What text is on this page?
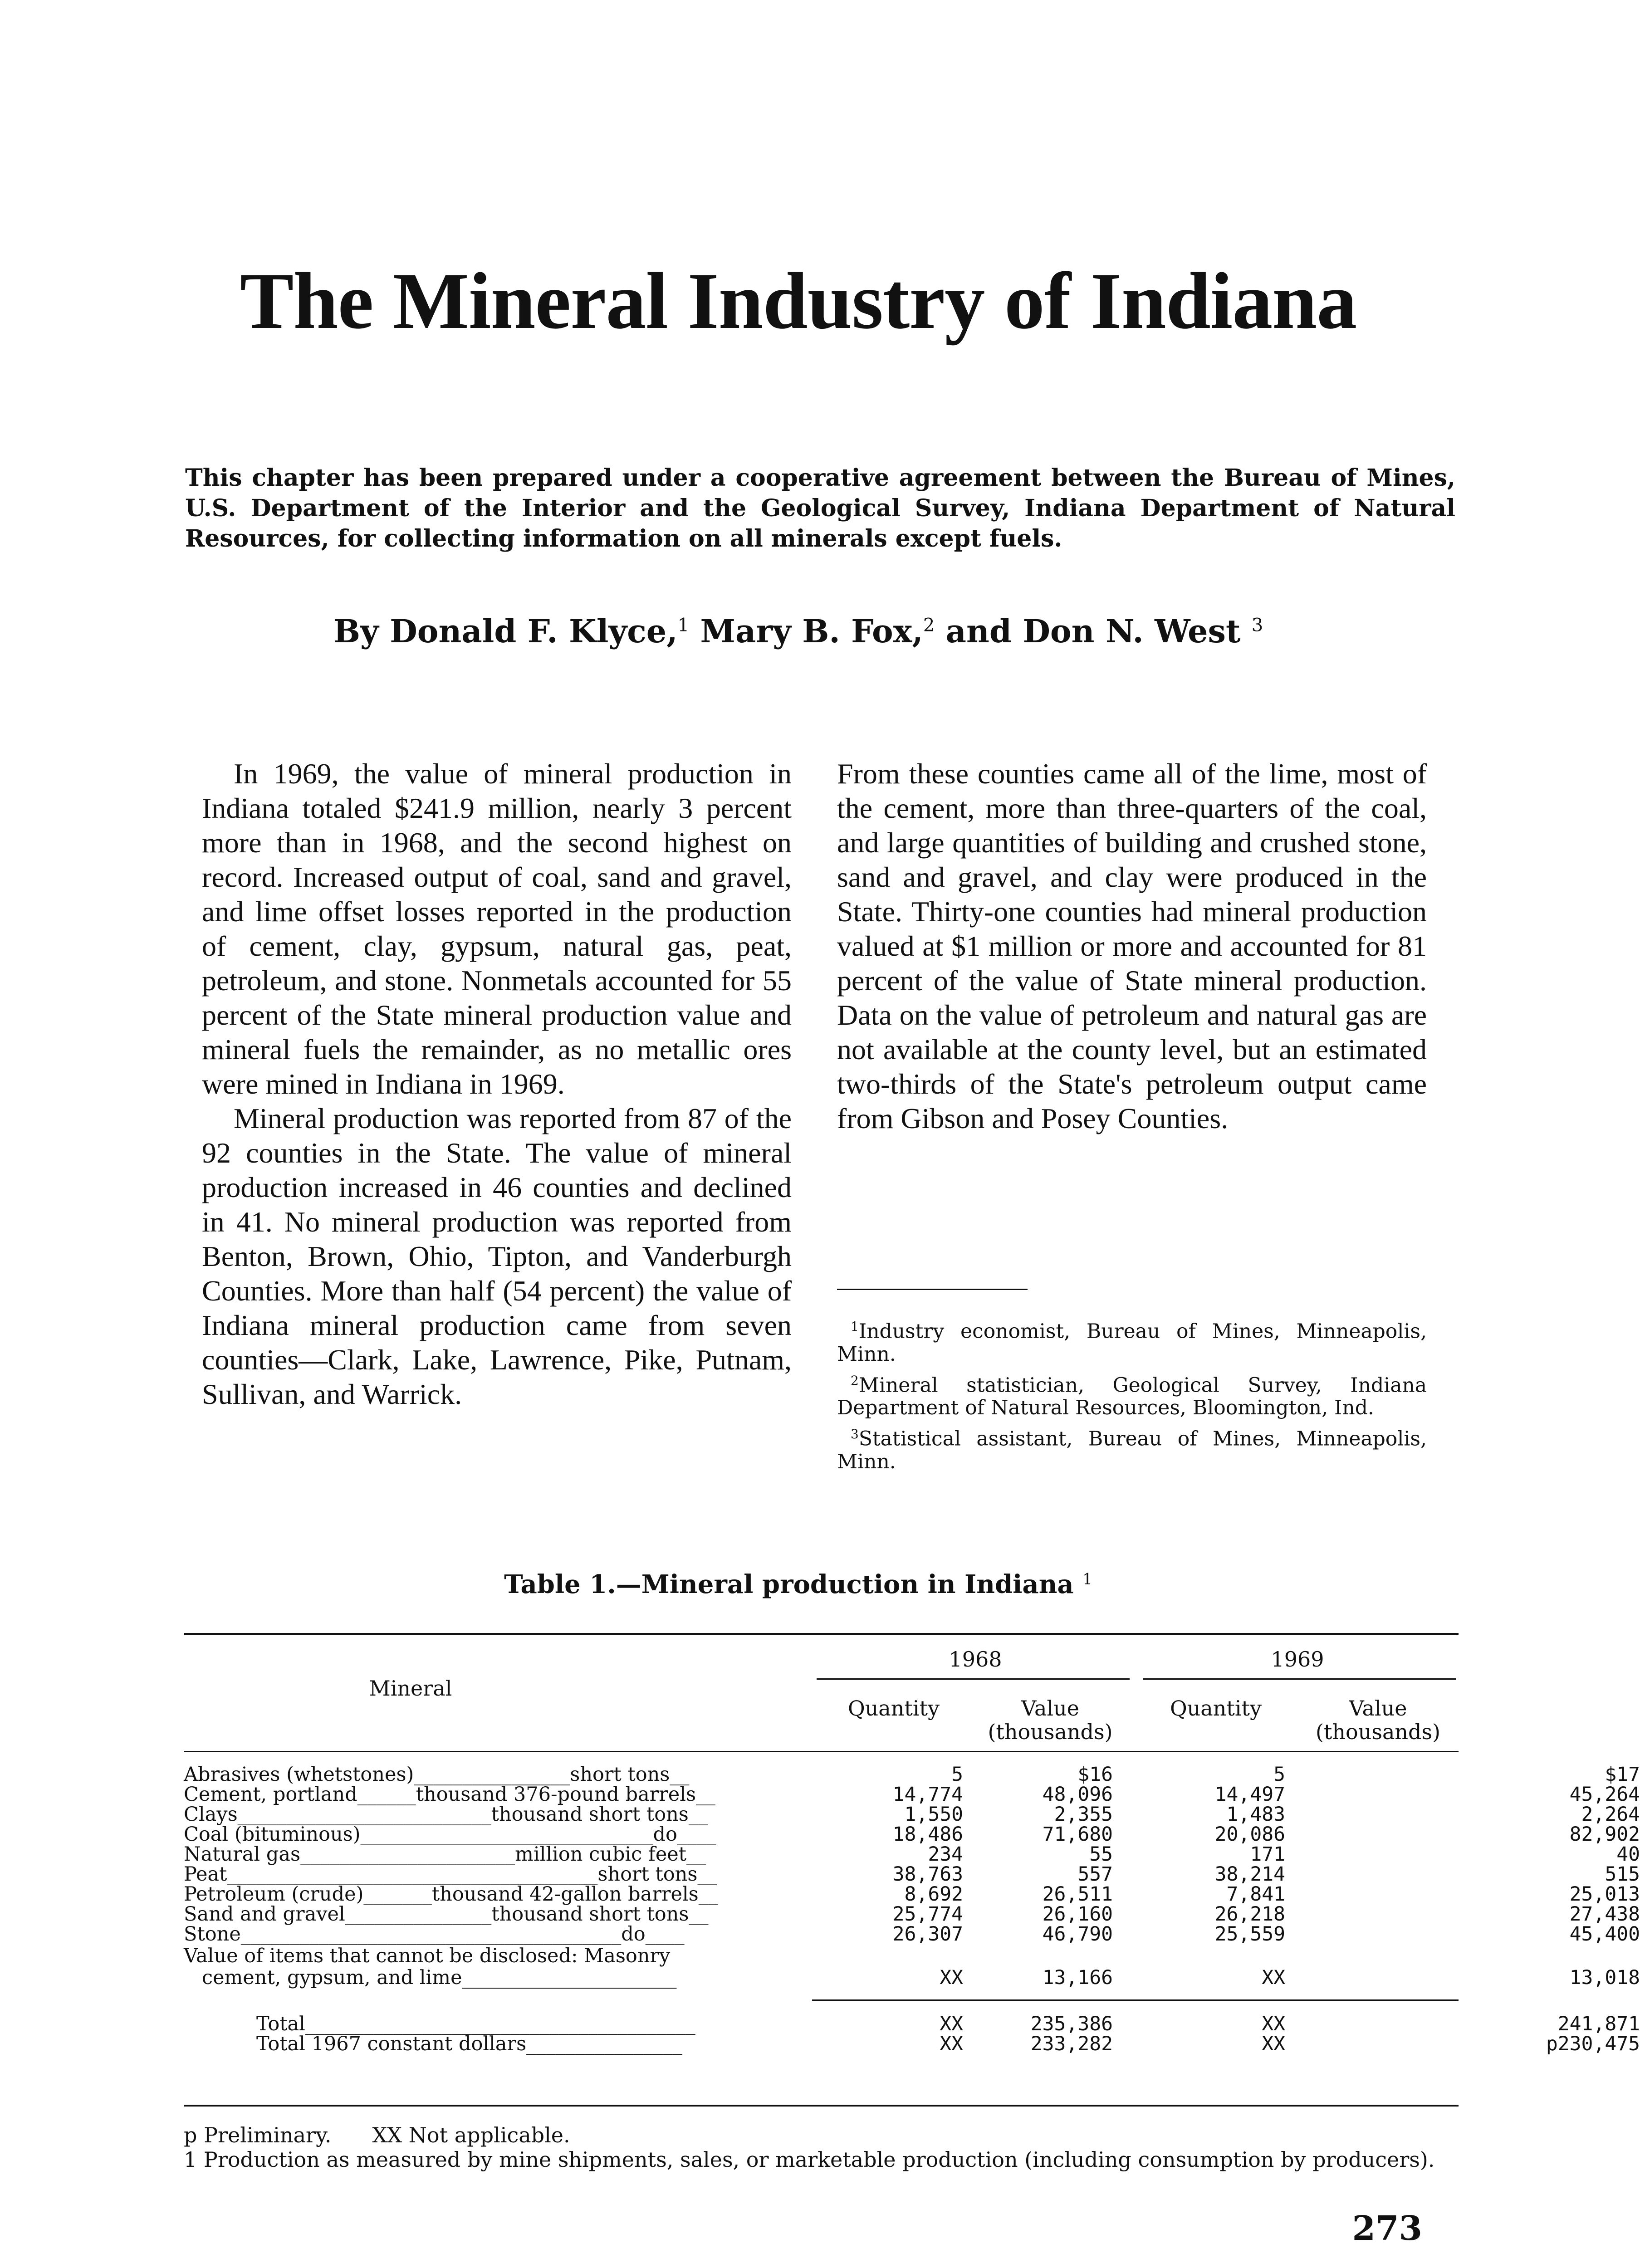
The Mineral Industry of Indiana
This chapter has been prepared under a cooperative agreement between the Bureau of Mines, U.S. Department of the Interior and the Geological Survey, Indiana Department of Natural Resources, for collecting information on all minerals except fuels.
By Donald F. Klyce,$^1$ Mary B. Fox,$^2$ and Don N. West $^3$

In 1969, the value of mineral production in Indiana totaled $241.9 million, nearly 3 percent more than in 1968, and the second highest on record. Increased output of coal, sand and gravel, and lime offset losses reported in the production of cement, clay, gypsum, natural gas, peat, petroleum, and stone. Nonmetals accounted for 55 percent of the State mineral production value and mineral fuels the remainder, as no metallic ores were mined in Indiana in 1969.

Mineral production was reported from 87 of the 92 counties in the State. The value of mineral production increased in 46 counties and declined in 41. No mineral production was reported from Benton, Brown, Ohio, Tipton, and Vanderburgh Counties. More than half (54 percent) the value of Indiana mineral production came from seven counties—Clark, Lake, Lawrence, Pike, Putnam, Sullivan, and Warrick.

From these counties came all of the lime, most of the cement, more than three-quarters of the coal, and large quantities of building and crushed stone, sand and gravel, and clay were produced in the State. Thirty-one counties had mineral production valued at $1 million or more and accounted for 81 percent of the value of State mineral production. Data on the value of petroleum and natural gas are not available at the county level, but an estimated two-thirds of the State's petroleum output came from Gibson and Posey Counties.

$^1$Industry economist, Bureau of Mines, Minneapolis, Minn.

$^2$Mineral statistician, Geological Survey, Indiana Department of Natural Resources, Bloomington, Ind.

$^3$Statistical assistant, Bureau of Mines, Minneapolis, Minn.

Table 1.—Mineral production in Indiana $^1$
Mineral
1968	1969
Quantity	Value
(thousands)
Quantity	Value
(thousands)
Abrasives (whetstones)________________short tons__	5	$16	5	$17
Cement, portland______thousand 376-pound barrels__	14,774	48,096	14,497	45,264
Clays__________________________thousand short tons__	1,550	2,355	1,483	2,264
Coal (bituminous)______________________________do____	18,486	71,680	20,086	82,902
Natural gas______________________million cubic feet__	234	55	171	40
Peat______________________________________short tons__	38,763	557	38,214	515
Petroleum (crude)_______thousand 42-gallon barrels__	8,692	26,511	7,841	25,013
Sand and gravel_______________thousand short tons__	25,774	26,160	26,218	27,438
Stone_______________________________________do____	26,307	46,790	25,559	45,400
Value of items that cannot be disclosed: Masonry
cement, gypsum, and lime______________________	XX	13,166	XX	13,018
Total________________________________________	XX	235,386	XX	241,871
Total 1967 constant dollars________________	XX	233,282	XX	p230,475

p Preliminary. XX Not applicable.

1 Production as measured by mine shipments, sales, or marketable production (including consumption by producers).

273
